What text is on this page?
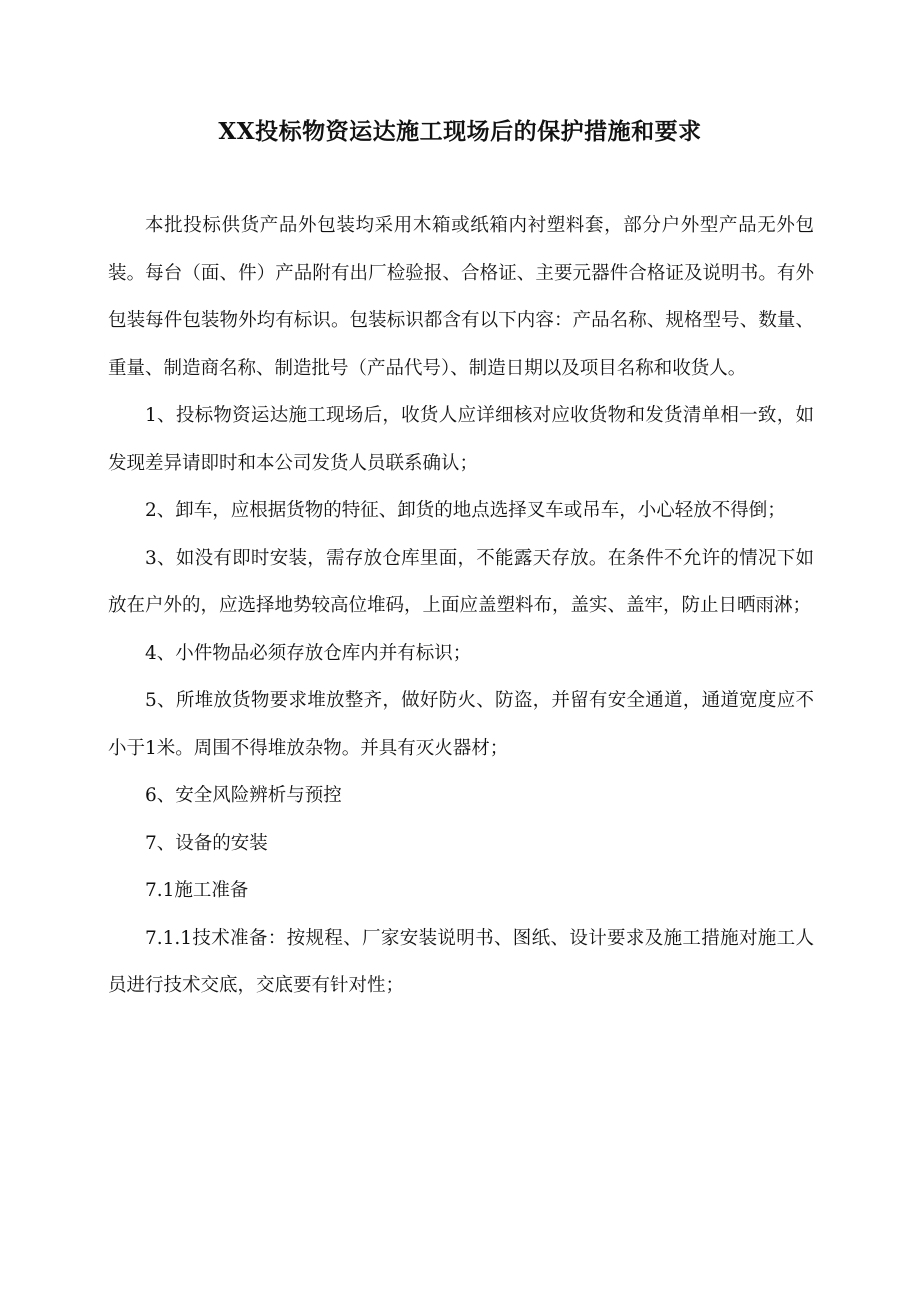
XX投标物资运达施工现场后的保护措施和要求

本批投标供货产品外包装均采用木箱或纸箱内衬塑料套，部分户外型产品无外包装。每台（面、件）产品附有出厂检验报、合格证、主要元器件合格证及说明书。有外包装每件包装物外均有标识。包装标识都含有以下内容：产品名称、规格型号、数量、重量、制造商名称、制造批号（产品代号）、制造日期以及项目名称和收货人。

1、投标物资运达施工现场后，收货人应详细核对应收货物和发货清单相一致，如发现差异请即时和本公司发货人员联系确认；

2、卸车，应根据货物的特征、卸货的地点选择叉车或吊车，小心轻放不得倒；

3、如没有即时安装，需存放仓库里面，不能露天存放。在条件不允许的情况下如放在户外的，应选择地势较高位堆码，上面应盖塑料布，盖实、盖牢，防止日晒雨淋；

4、小件物品必须存放仓库内并有标识；

5、所堆放货物要求堆放整齐，做好防火、防盗，并留有安全通道，通道宽度应不小于1米。周围不得堆放杂物。并具有灭火器材；

6、安全风险辨析与预控

7、设备的安装

7.1施工准备

7.1.1技术准备：按规程、厂家安装说明书、图纸、设计要求及施工措施对施工人员进行技术交底，交底要有针对性；
